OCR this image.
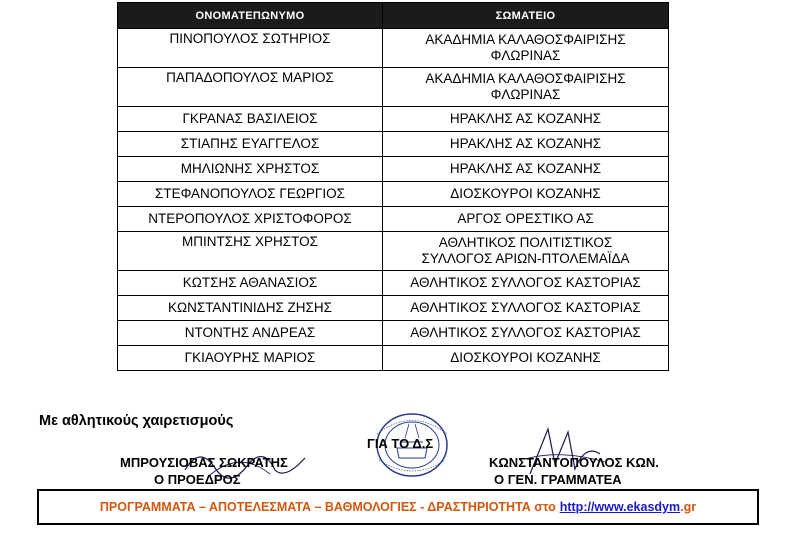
ΟΝΟΜΑΤΕΠΩΝΥΜΟ	ΣΩΜΑΤΕΙΟ
ΠΙΝΟΠΟΥΛΟΣ ΣΩΤΗΡΙΟΣ	ΑΚΑΔΗΜΙΑ ΚΑΛΑΘΟΣΦΑΙΡΙΣΗΣ
ΦΛΩΡΙΝΑΣ

ΠΑΠΑΔΟΠΟΥΛΟΣ ΜΑΡΙΟΣ	ΑΚΑΔΗΜΙΑ ΚΑΛΑΘΟΣΦΑΙΡΙΣΗΣ
ΦΛΩΡΙΝΑΣ

ΓΚΡΑΝΑΣ ΒΑΣΙΛΕΙΟΣ	ΗΡΑΚΛΗΣ ΑΣ ΚΟΖΑΝΗΣ

ΣΤΙΑΠΗΣ ΕΥΑΓΓΕΛΟΣ	ΗΡΑΚΛΗΣ ΑΣ ΚΟΖΑΝΗΣ

ΜΗΛΙΩΝΗΣ ΧΡΗΣΤΟΣ	ΗΡΑΚΛΗΣ ΑΣ ΚΟΖΑΝΗΣ

ΣΤΕΦΑΝΟΠΟΥΛΟΣ ΓΕΩΡΓΙΟΣ	ΔΙΟΣΚΟΥΡΟΙ ΚΟΖΑΝΗΣ

ΝΤΕΡΟΠΟΥΛΟΣ ΧΡΙΣΤΟΦΟΡΟΣ	ΑΡΓΟΣ ΟΡΕΣΤΙΚΟ ΑΣ

ΜΠΙΝΤΣΗΣ ΧΡΗΣΤΟΣ	ΑΘΛΗΤΙΚΟΣ ΠΟΛΙΤΙΣΤΙΚΟΣ
ΣΥΛΛΟΓΟΣ ΑΡΙΩΝ-ΠΤΟΛΕΜΑΪΔΑ

ΚΩΤΣΗΣ ΑΘΑΝΑΣΙΟΣ	ΑΘΛΗΤΙΚΟΣ ΣΥΛΛΟΓΟΣ ΚΑΣΤΟΡΙΑΣ

ΚΩΝΣΤΑΝΤΙΝΙΔΗΣ ΖΗΣΗΣ	ΑΘΛΗΤΙΚΟΣ ΣΥΛΛΟΓΟΣ ΚΑΣΤΟΡΙΑΣ

ΝΤΟΝΤΗΣ ΑΝΔΡΕΑΣ	ΑΘΛΗΤΙΚΟΣ ΣΥΛΛΟΓΟΣ ΚΑΣΤΟΡΙΑΣ

ΓΚΙΑΟΥΡΗΣ ΜΑΡΙΟΣ	ΔΙΟΣΚΟΥΡΟΙ ΚΟΖΑΝΗΣ
Με αθλητικούς χαιρετισμούς
ΓΙΑ ΤΟ Δ.Σ
ΜΠΡΟΥΣΙΟΒΑΣ ΣΩΚΡΑΤΗΣ
Ο ΠΡΟΕΔΡΟΣ
ΚΩΝΣΤΑΝΤΟΠΟΥΛΟΣ ΚΩΝ.
Ο ΓΕΝ. ΓΡΑΜΜΑΤΕΑ
ΠΡΟΓΡΑΜΜΑΤΑ – ΑΠΟΤΕΛΕΣΜΑΤΑ – ΒΑΘΜΟΛΟΓΙΕΣ - ΔΡΑΣΤΗΡΙΟΤΗΤΑ στο http://www.ekasdym .gr
